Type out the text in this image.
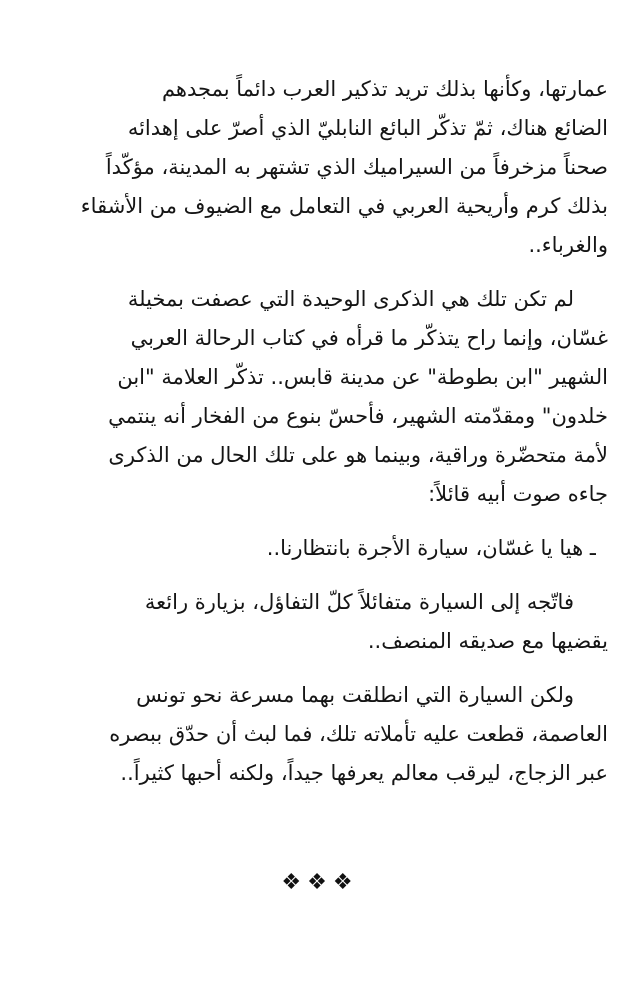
عمارتها، وكأنها بذلك تريد تذكير العرب دائماً بمجدهم
الضائع هناك، ثمّ تذكّر البائع النابليّ الذي أصرّ على إهدائه
صحناً مزخرفاً من السيراميك الذي تشتهر به المدينة، مؤكّداً
بذلك كرم وأريحية العربي في التعامل مع الضيوف من الأشقاء
والغرباء..
لم تكن تلك هي الذكرى الوحيدة التي عصفت بمخيلة
غسّان، وإنما راح يتذكّر ما قرأه في كتاب الرحالة العربي
الشهير "ابن بطوطة" عن مدينة قابس.. تذكّر العلامة "ابن
خلدون" ومقدّمته الشهير، فأحسّ بنوع من الفخار أنه ينتمي
لأمة متحضّرة وراقية، وبينما هو على تلك الحال من الذكرى
جاءه صوت أبيه قائلاً:
ـ هيا يا غسّان، سيارة الأجرة بانتظارنا..
فاتّجه إلى السيارة متفائلاً كلّ التفاؤل، بزيارة رائعة
يقضيها مع صديقه المنصف..
ولكن السيارة التي انطلقت بهما مسرعة نحو تونس
العاصمة، قطعت عليه تأملاته تلك، فما لبث أن حدّق ببصره
عبر الزجاج، ليرقب معالم يعرفها جيداً، ولكنه أحبها كثيراً..
❖❖❖
